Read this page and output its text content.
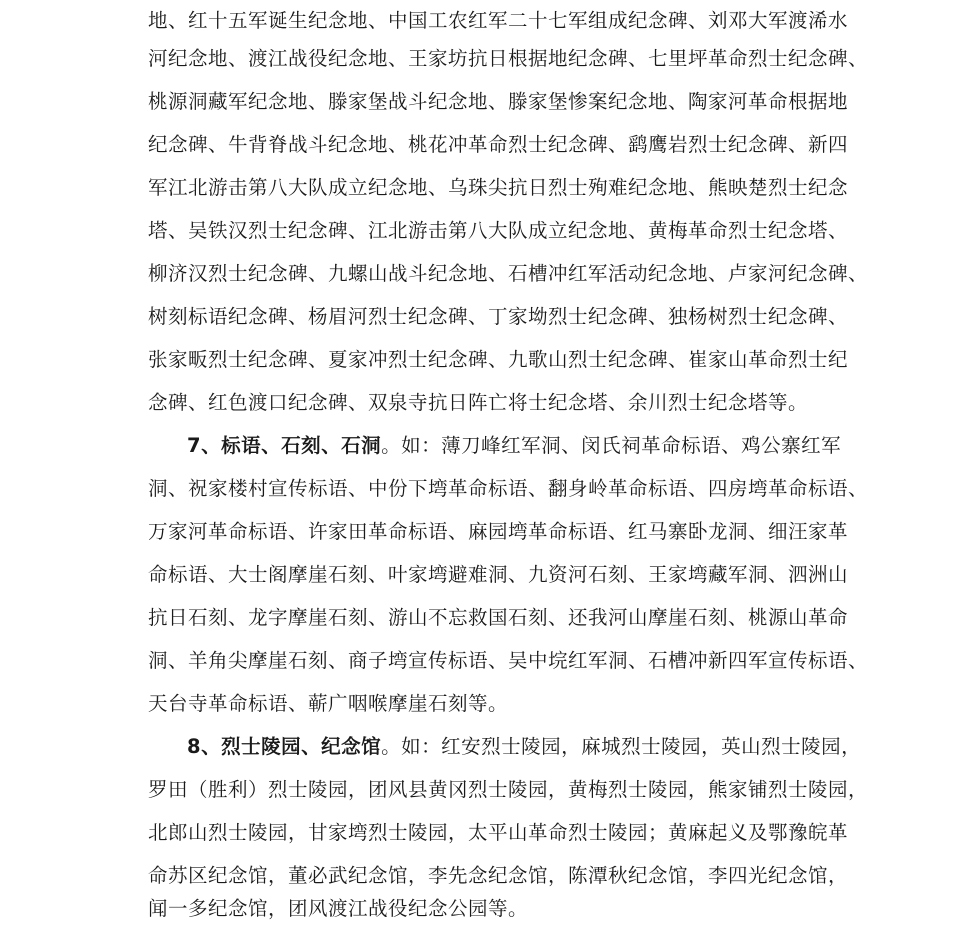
地、红十五军诞生纪念地、中国工农红军二十七军组成纪念碑、刘邓大军渡浠水
河纪念地、渡江战役纪念地、王家坊抗日根据地纪念碑、七里坪革命烈士纪念碑、
桃源洞藏军纪念地、滕家堡战斗纪念地、滕家堡惨案纪念地、陶家河革命根据地
纪念碑、牛背脊战斗纪念地、桃花冲革命烈士纪念碑、鹞鹰岩烈士纪念碑、新四
军江北游击第八大队成立纪念地、乌珠尖抗日烈士殉难纪念地、熊映楚烈士纪念
塔、吴铁汉烈士纪念碑、江北游击第八大队成立纪念地、黄梅革命烈士纪念塔、
柳济汉烈士纪念碑、九螺山战斗纪念地、石槽冲红军活动纪念地、卢家河纪念碑、
树刻标语纪念碑、杨眉河烈士纪念碑、丁家坳烈士纪念碑、独杨树烈士纪念碑、
张家畈烈士纪念碑、夏家冲烈士纪念碑、九歌山烈士纪念碑、崔家山革命烈士纪
念碑、红色渡口纪念碑、双泉寺抗日阵亡将士纪念塔、余川烈士纪念塔等。
7、标语、石刻、石洞。如：薄刀峰红军洞、闵氏祠革命标语、鸡公寨红军
洞、祝家楼村宣传标语、中份下塆革命标语、翻身岭革命标语、四房塆革命标语、
万家河革命标语、许家田革命标语、麻园塆革命标语、红马寨卧龙洞、细汪家革
命标语、大士阁摩崖石刻、叶家塆避难洞、九资河石刻、王家塆藏军洞、泗洲山
抗日石刻、龙字摩崖石刻、游山不忘救国石刻、还我河山摩崖石刻、桃源山革命
洞、羊角尖摩崖石刻、商子塆宣传标语、吴中垸红军洞、石槽冲新四军宣传标语、
天台寺革命标语、蕲广咽喉摩崖石刻等。
8、烈士陵园、纪念馆。如：红安烈士陵园，麻城烈士陵园，英山烈士陵园，
罗田（胜利）烈士陵园，团风县黄冈烈士陵园，黄梅烈士陵园，熊家铺烈士陵园，
北郎山烈士陵园，甘家塆烈士陵园，太平山革命烈士陵园；黄麻起义及鄂豫皖革
命苏区纪念馆，董必武纪念馆，李先念纪念馆，陈潭秋纪念馆，李四光纪念馆，
闻一多纪念馆，团风渡江战役纪念公园等。
